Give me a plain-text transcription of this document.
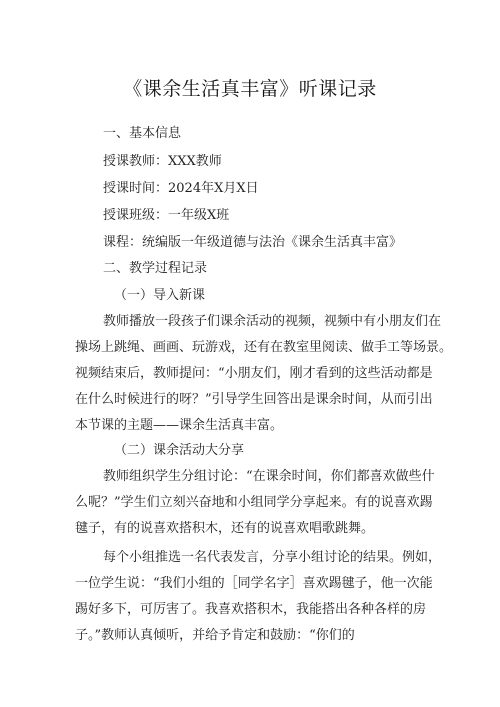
《课余生活真丰富》听课记录
一、基本信息
授课教师：XXX教师
授课时间：2024年X月X日
授课班级：一年级X班
课程：统编版一年级道德与法治《课余生活真丰富》
二、教学过程记录
（一）导入新课
教师播放一段孩子们课余活动的视频，视频中有小朋友们在
操场上跳绳、画画、玩游戏，还有在教室里阅读、做手工等场景。
视频结束后，教师提问：“小朋友们，刚才看到的这些活动都是
在什么时候进行的呀？”引导学生回答出是课余时间，从而引出
本节课的主题——课余生活真丰富。
（二）课余活动大分享
教师组织学生分组讨论：“在课余时间，你们都喜欢做些什
么呢？”学生们立刻兴奋地和小组同学分享起来。有的说喜欢踢
毽子，有的说喜欢搭积木，还有的说喜欢唱歌跳舞。
每个小组推选一名代表发言，分享小组讨论的结果。例如，
一位学生说：“我们小组的［同学名字］喜欢踢毽子，他一次能
踢好多下，可厉害了。我喜欢搭积木，我能搭出各种各样的房
子。”教师认真倾听，并给予肯定和鼓励：“你们的
